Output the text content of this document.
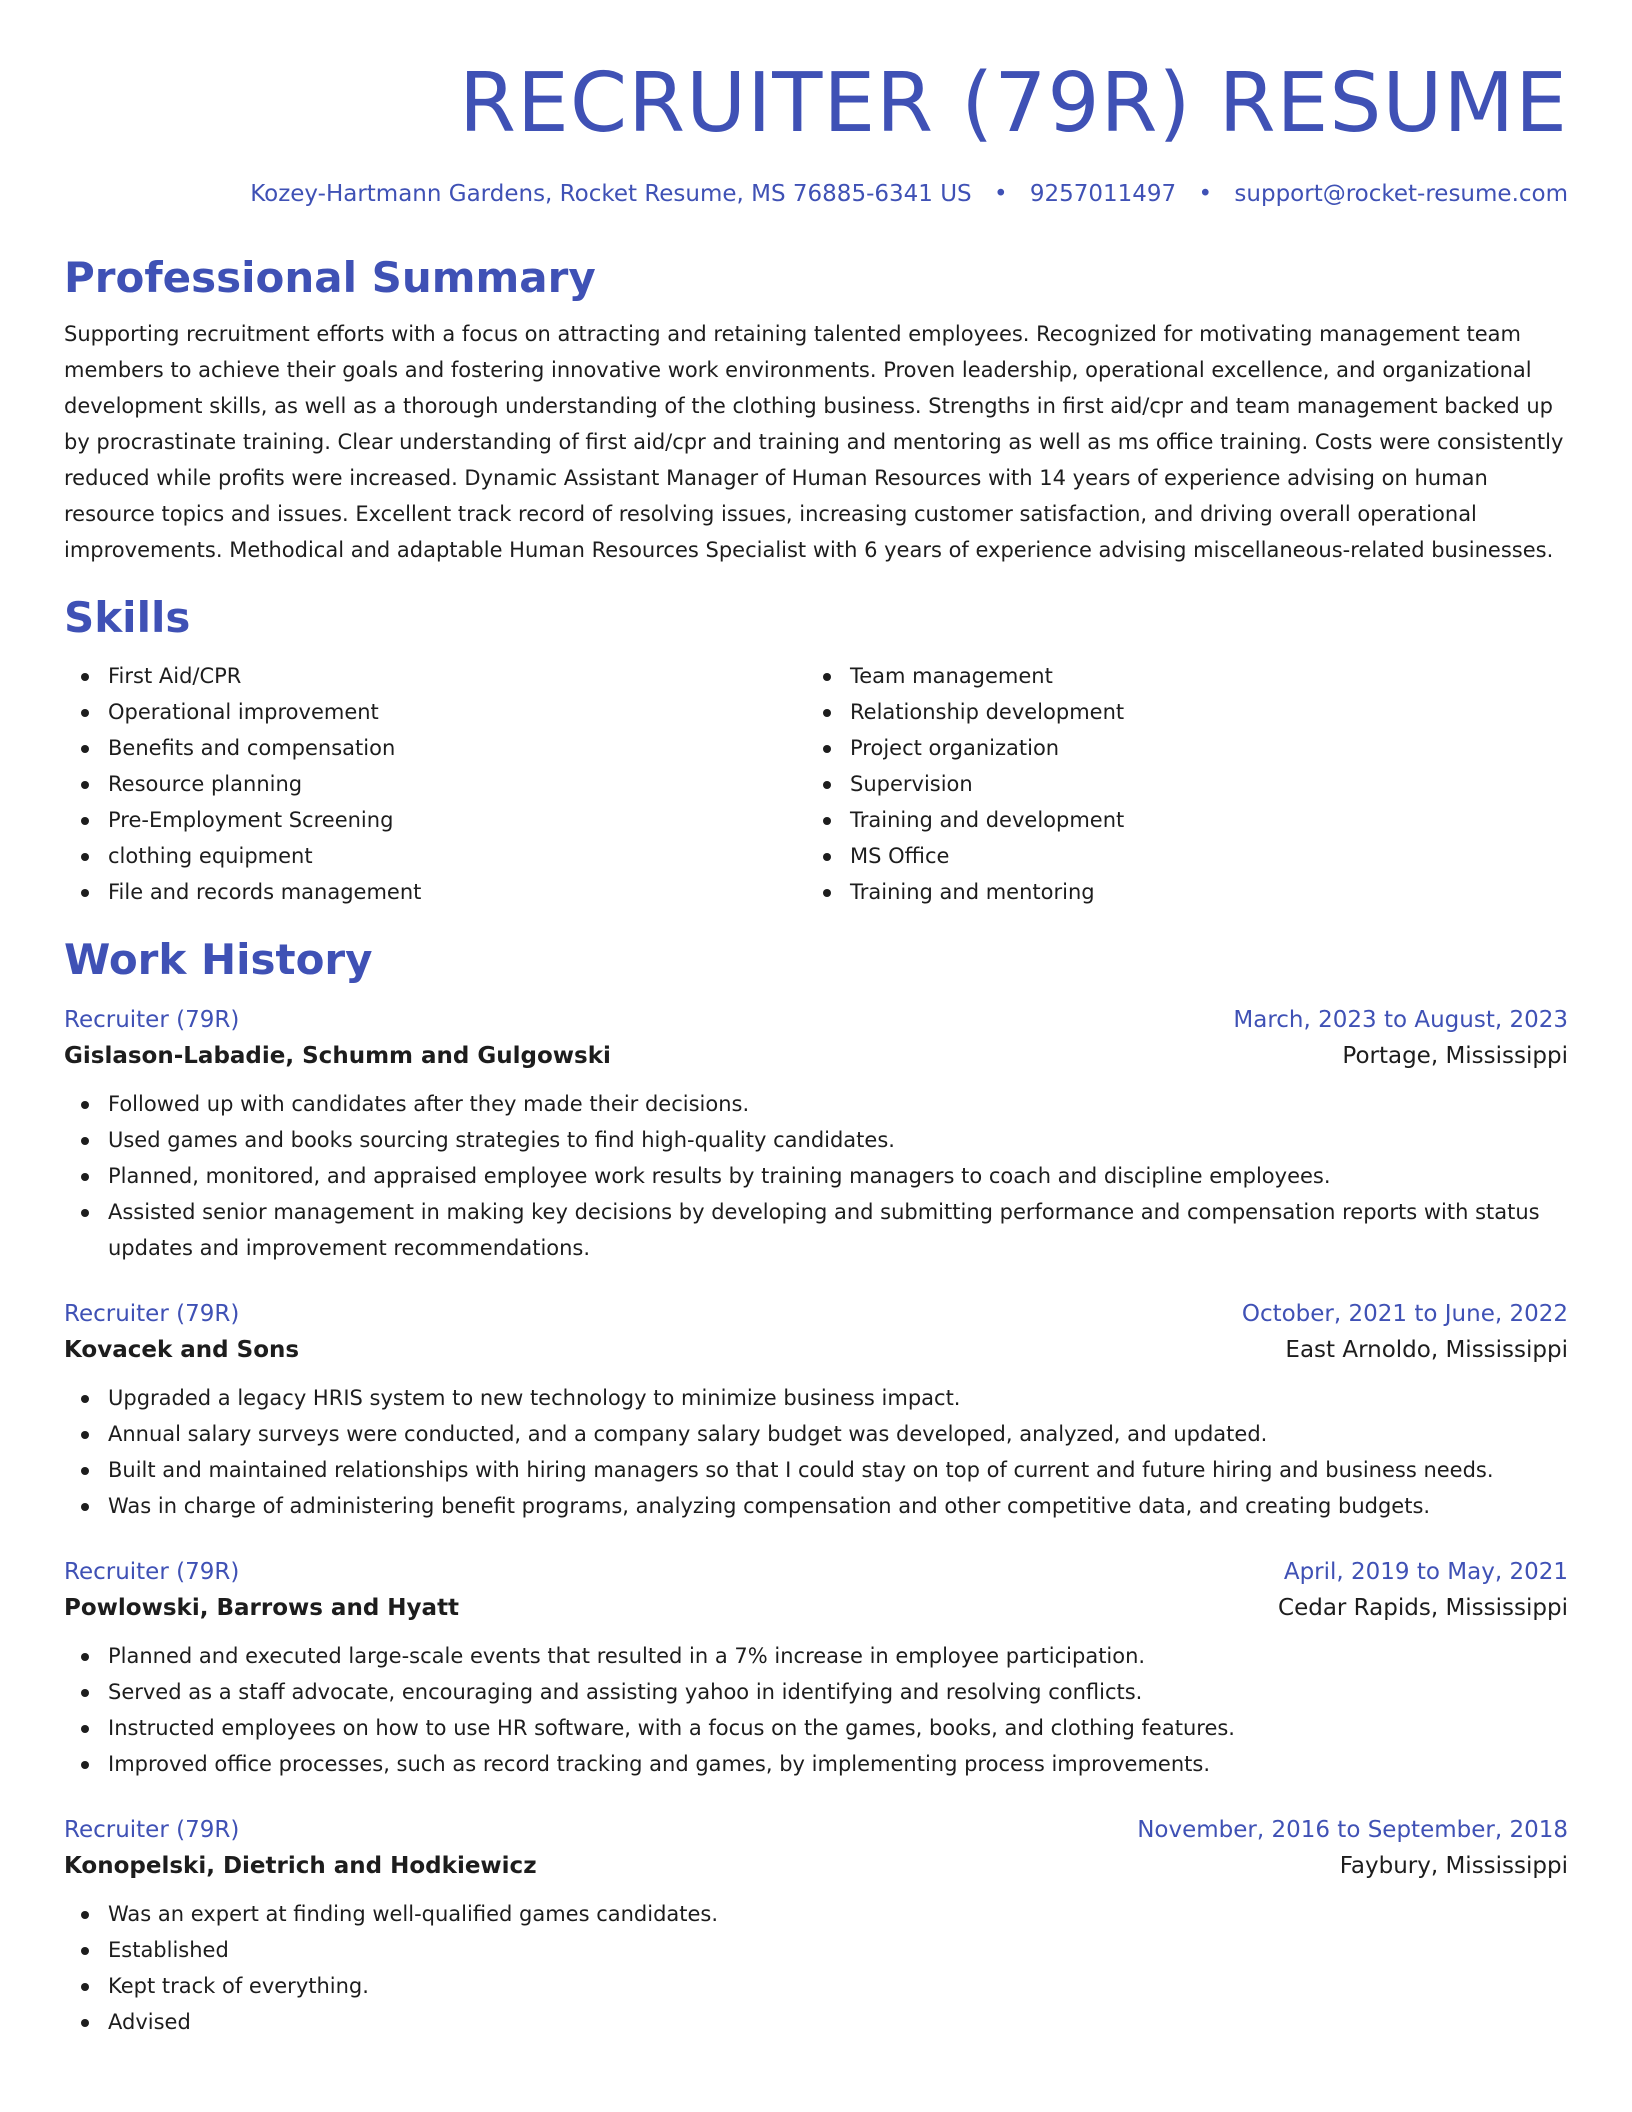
RECRUITER (79R) RESUME
Kozey-Hartmann Gardens, Rocket Resume, MS 76885-6341 US • 9257011497 • support@rocket-resume.com
Professional Summary
Supporting recruitment efforts with a focus on attracting and retaining talented employees. Recognized for motivating management team members to achieve their goals and fostering innovative work environments. Proven leadership, operational excellence, and organizational development skills, as well as a thorough understanding of the clothing business. Strengths in first aid/cpr and team management backed up by procrastinate training. Clear understanding of first aid/cpr and training and mentoring as well as ms office training. Costs were consistently reduced while profits were increased. Dynamic Assistant Manager of Human Resources with 14 years of experience advising on human resource topics and issues. Excellent track record of resolving issues, increasing customer satisfaction, and driving overall operational improvements. Methodical and adaptable Human Resources Specialist with 6 years of experience advising miscellaneous-related businesses.
Skills
First Aid/CPR
Operational improvement
Benefits and compensation
Resource planning
Pre-Employment Screening
clothing equipment
File and records management
Team management
Relationship development
Project organization
Supervision
Training and development
MS Office
Training and mentoring
Work History
Recruiter (79R)	March, 2023 to August, 2023
Gislason-Labadie, Schumm and Gulgowski	Portage, Mississippi
Followed up with candidates after they made their decisions.
Used games and books sourcing strategies to find high-quality candidates.
Planned, monitored, and appraised employee work results by training managers to coach and discipline employees.
Assisted senior management in making key decisions by developing and submitting performance and compensation reports with status updates and improvement recommendations.
Recruiter (79R)	October, 2021 to June, 2022
Kovacek and Sons	East Arnoldo, Mississippi
Upgraded a legacy HRIS system to new technology to minimize business impact.
Annual salary surveys were conducted, and a company salary budget was developed, analyzed, and updated.
Built and maintained relationships with hiring managers so that I could stay on top of current and future hiring and business needs.
Was in charge of administering benefit programs, analyzing compensation and other competitive data, and creating budgets.
Recruiter (79R)	April, 2019 to May, 2021
Powlowski, Barrows and Hyatt	Cedar Rapids, Mississippi
Planned and executed large-scale events that resulted in a 7% increase in employee participation.
Served as a staff advocate, encouraging and assisting yahoo in identifying and resolving conflicts.
Instructed employees on how to use HR software, with a focus on the games, books, and clothing features.
Improved office processes, such as record tracking and games, by implementing process improvements.
Recruiter (79R)	November, 2016 to September, 2018
Konopelski, Dietrich and Hodkiewicz	Faybury, Mississippi
Was an expert at finding well-qualified games candidates.
Established
Kept track of everything.
Advised
